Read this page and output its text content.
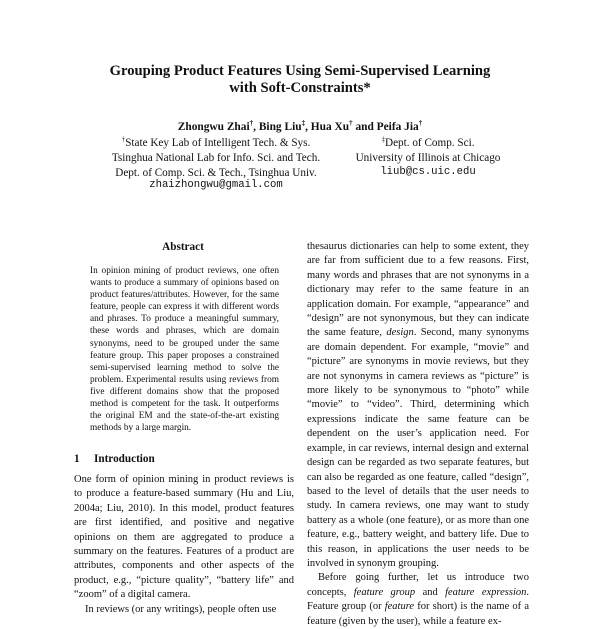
Grouping Product Features Using Semi-Supervised Learning
with Soft-Constraints*
Zhongwu Zhai†, Bing Liu‡, Hua Xu† and Peifa Jia†
†State Key Lab of Intelligent Tech. & Sys.
Tsinghua National Lab for Info. Sci. and Tech.
Dept. of Comp. Sci. & Tech., Tsinghua Univ.
zhaizhongwu@gmail.com
‡Dept. of Comp. Sci.
University of Illinois at Chicago
liub@cs.uic.edu
Abstract

In opinion mining of product reviews, one often wants to produce a summary of opinions based on product features/attributes. However, for the same feature, people can express it with different words and phrases. To produce a meaningful summary, these words and phrases, which are domain synonyms, need to be grouped under the same feature group. This paper proposes a constrained semi-supervised learning method to solve the problem. Experimental results using reviews from five different domains show that the proposed method is competent for the task. It outperforms the original EM and the state-of-the-art existing methods by a large margin.

1 Introduction

One form of opinion mining in product reviews is to produce a feature-based summary (Hu and Liu, 2004a; Liu, 2010). In this model, product features are first identified, and positive and negative opinions on them are aggregated to produce a summary on the features. Features of a product are attributes, components and other aspects of the product, e.g., “picture quality”, “battery life” and “zoom” of a digital camera.

In reviews (or any writings), people often use

thesaurus dictionaries can help to some extent, they are far from sufficient due to a few reasons. First, many words and phrases that are not synonyms in a dictionary may refer to the same feature in an application domain. For example, “appearance” and “design” are not synonymous, but they can indicate the same feature, design. Second, many synonyms are domain dependent. For example, “movie” and “picture” are synonyms in movie reviews, but they are not synonyms in camera reviews as “picture” is more likely to be synonymous to “photo” while “movie” to “video”. Third, determining which expressions indicate the same feature can be dependent on the user’s application need. For example, in car reviews, internal design and external design can be regarded as two separate features, but can also be regarded as one feature, called “design”, based to the level of details that the user needs to study. In camera reviews, one may want to study battery as a whole (one feature), or as more than one feature, e.g., battery weight, and battery life. Due to this reason, in applications the user needs to be involved in synonym grouping.

Before going further, let us introduce two concepts, feature group and feature expression. Feature group (or feature for short) is the name of a feature (given by the user), while a feature ex-
